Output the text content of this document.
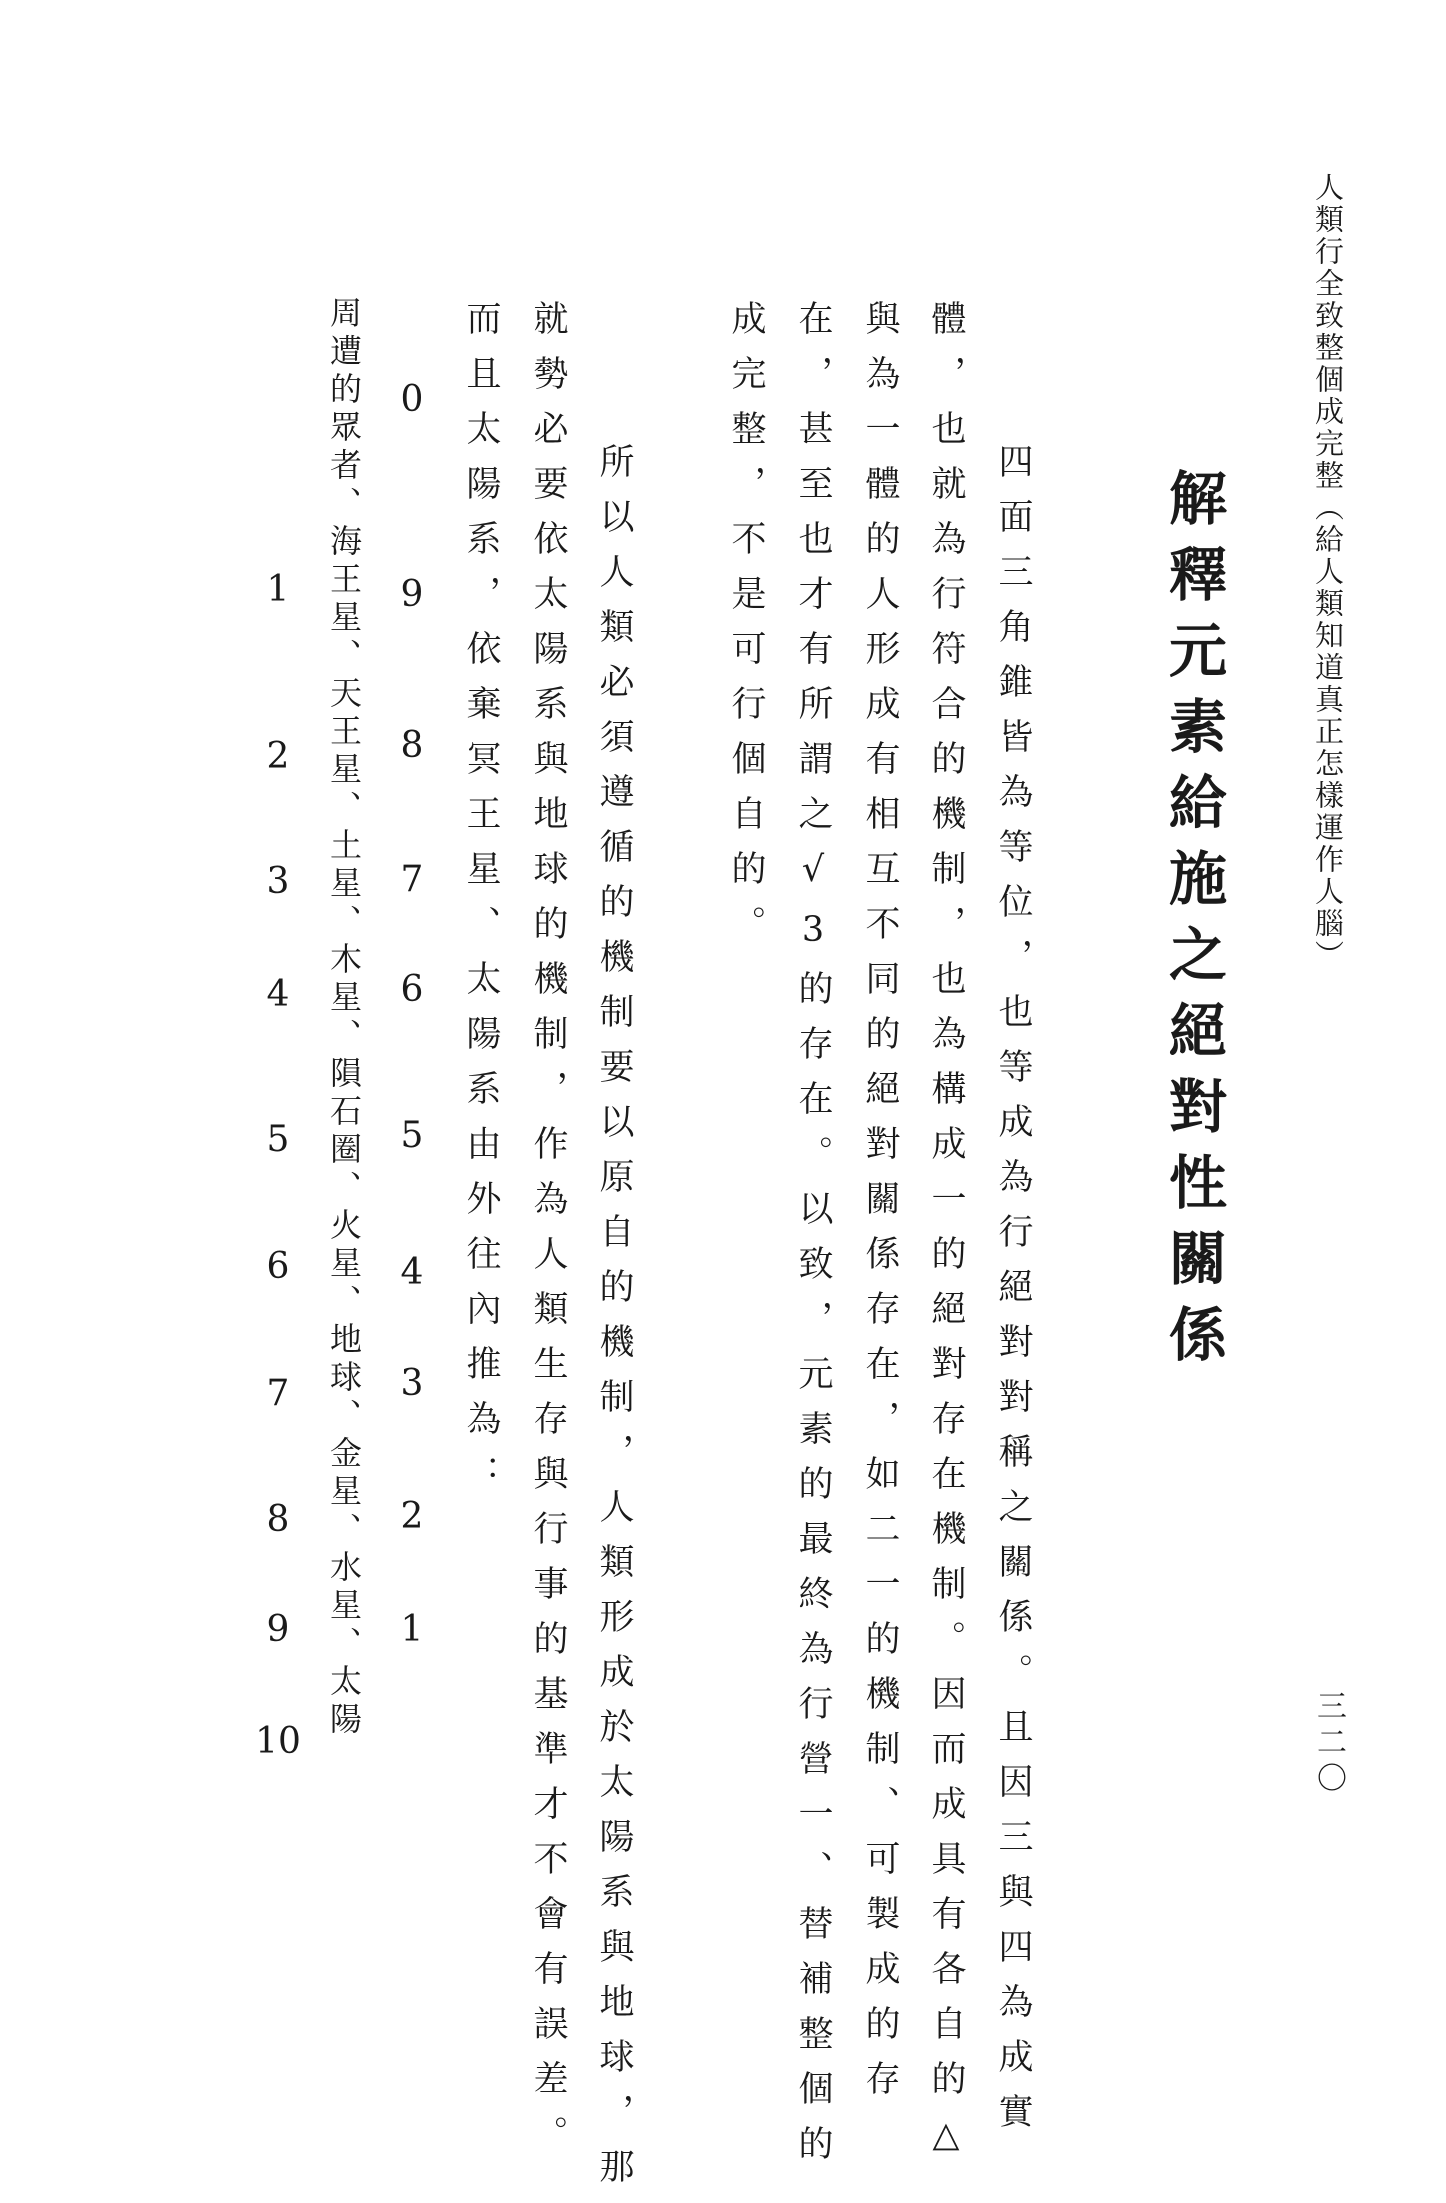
人類行全致整個成完整（給人類知道真正怎樣運作人腦）
三二〇
解釋元素給施之絕對性關係

　四面三角錐皆為等位，也等成為行絕對對稱之關係。且因三與四為成實

體，也就為行符合的機制，也為構成一的絕對存在機制。因而成具有各自的△

與為一體的人形成有相互不同的絕對關係存在，如二一的機制、可製成的存

在，甚至也才有所謂之√3的存在。以致，元素的最終為行營一、替補整個的

成完整，不是可行個自的。

　所以人類必須遵循的機制要以原自的機制，人類形成於太陽系與地球，那

就勢必要依太陽系與地球的機制，作為人類生存與行事的基準才不會有誤差。

而且太陽系，依棄冥王星、太陽系由外往內推為：

0
9
8
7
6
5
4
3
2
1

周遭的眾者、海王星、天王星、土星、木星、隕石圈、火星、地球、金星、水星、太陽

1
2
3
4
5
6
7
8
9
10
